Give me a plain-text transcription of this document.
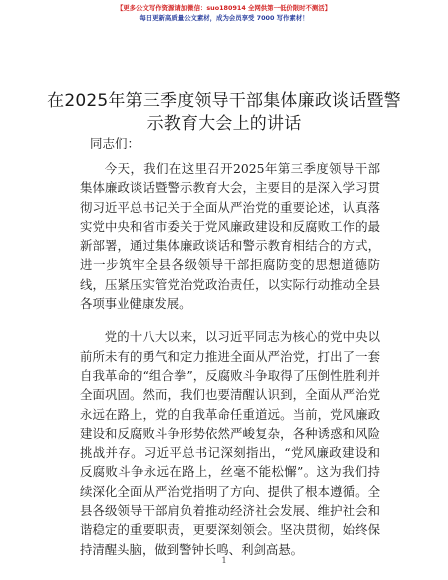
【更多公文写作资源请加微信：suo180914 全网供第一低价限时不测活】
每日更新高质量公文素材，成为会员享受 7000 写作素材！
在2025年第三季度领导干部集体廉政谈话暨警
示教育大会上的讲话
同志们：

今天，我们在这里召开2025年第三季度领导干部集体廉政谈话暨警示教育大会，主要目的是深入学习贯彻习近平总书记关于全面从严治党的重要论述，认真落实党中央和省市委关于党风廉政建设和反腐败工作的最新部署，通过集体廉政谈话和警示教育相结合的方式，进一步筑牢全县各级领导干部拒腐防变的思想道德防线，压紧压实管党治党政治责任，以实际行动推动全县各项事业健康发展。

党的十八大以来，以习近平同志为核心的党中央以前所未有的勇气和定力推进全面从严治党，打出了一套自我革命的“组合拳”，反腐败斗争取得了压倒性胜利并全面巩固。然而，我们也要清醒认识到，全面从严治党永远在路上，党的自我革命任重道远。当前，党风廉政建设和反腐败斗争形势依然严峻复杂，各种诱惑和风险挑战并存。习近平总书记深刻指出，“党风廉政建设和反腐败斗争永远在路上，丝毫不能松懈”。这为我们持续深化全面从严治党指明了方向、提供了根本遵循。全县各级领导干部肩负着推动经济社会发展、维护社会和谐稳定的重要职责，更要深刻领会。坚决贯彻，始终保持清醒头脑，做到警钟长鸣、利剑高悬。

1
